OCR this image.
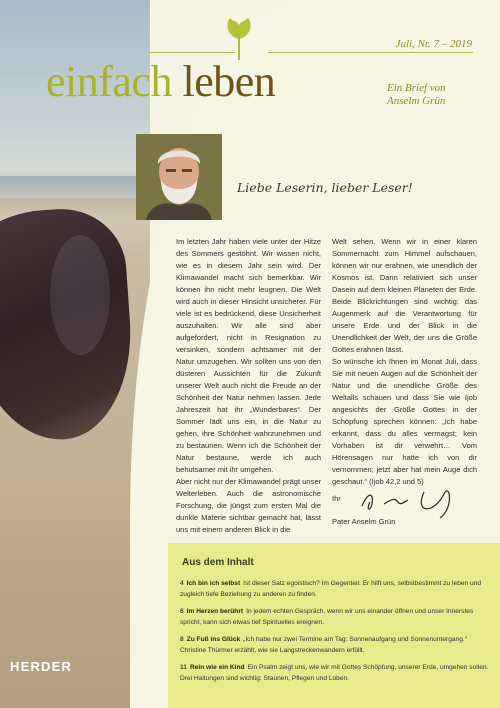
Juli, Nr. 7 – 2019
einfach leben	Ein Brief von
Anselm Grün
Liebe Leserin, lieber Leser!

Im letzten Jahr haben viele unter der Hitze des Sommers gestöhnt. Wir wissen nicht, wie es in diesem Jahr sein wird. Der Klimawandel macht sich bemerkbar. Wir können ihn nicht mehr leugnen. Die Welt wird auch in dieser Hinsicht unsicherer. Für viele ist es bedrückend, diese Unsicherheit auszuhalten. Wir alle sind aber aufgefordert, nicht in Resignation zu versinken, sondern achtsamer mit der Natur umzugehen. Wir sollten uns von den düsteren Aussichten für die Zukunft unserer Welt auch nicht die Freude an der Schönheit der Natur nehmen lassen. Jede Jahreszeit hat ihr „Wunderbares“. Der Sommer lädt uns ein, in die Natur zu gehen, ihre Schönheit wahrzunehmen und zu bestaunen. Wenn ich die Schönheit der Natur bestaune, werde ich auch behutsamer mit ihr umgehen.

Aber nicht nur der Klimawandel prägt unser Welterleben. Auch die astronomische Forschung, die jüngst zum ersten Mal die dunkle Materie sichtbar gemacht hat, lässt uns mit einem anderen Blick in die

Welt sehen. Wenn wir in einer klaren Sommernacht zum Himmel aufschauen, können wir nur erahnen, wie unendlich der Kosmos ist. Dann relativiert sich unser Dasein auf dem kleinen Planeten der Erde. Beide Blickrichtungen sind wichtig: das Augenmerk auf die Verantwortung für unsere Erde und der Blick in die Unendlichkeit der Welt, der uns die Größe Gottes erahnen lässt.

So wünsche ich Ihnen im Monat Juli, dass Sie mit neuen Augen auf die Schönheit der Natur und die unendliche Größe des Weltalls schauen und dass Sie wie Ijob angesichts der Größe Gottes in der Schöpfung sprechen können: „Ich habe erkannt, dass du alles vermagst; kein Vorhaben ist dir verwehrt… Vom Hörensagen nur hatte ich von dir vernommen; jetzt aber hat mein Auge dich geschaut.“ (Ijob 42,2 und 5)

Ihr
Pater Anselm Grün
Aus dem Inhalt
4 Ich bin ich selbst Ist dieser Satz egoistisch? Im Gegenteil: Er hilft uns, selbstbestimmt zu leben und zugleich tiefe Beziehung zu anderen zu finden.
6 Im Herzen berührt In jedem echten Gespräch, wenn wir uns einander öffnen und unser Innerstes spricht, kann sich etwas tief Spirituelles ereignen.
8 Zu Fuß ins Glück „Ich habe nur zwei Termine am Tag: Sonnenaufgang und Sonnenuntergang.“ Christine Thürmer erzählt, wie sie Langstreckenwandern erfüllt.
11 Rein wie ein Kind Ein Psalm zeigt uns, wie wir mit Gottes Schöpfung, unserer Erde, umgehen sollen. Drei Haltungen sind wichtig: Staunen, Pflegen und Loben.
HERDER
